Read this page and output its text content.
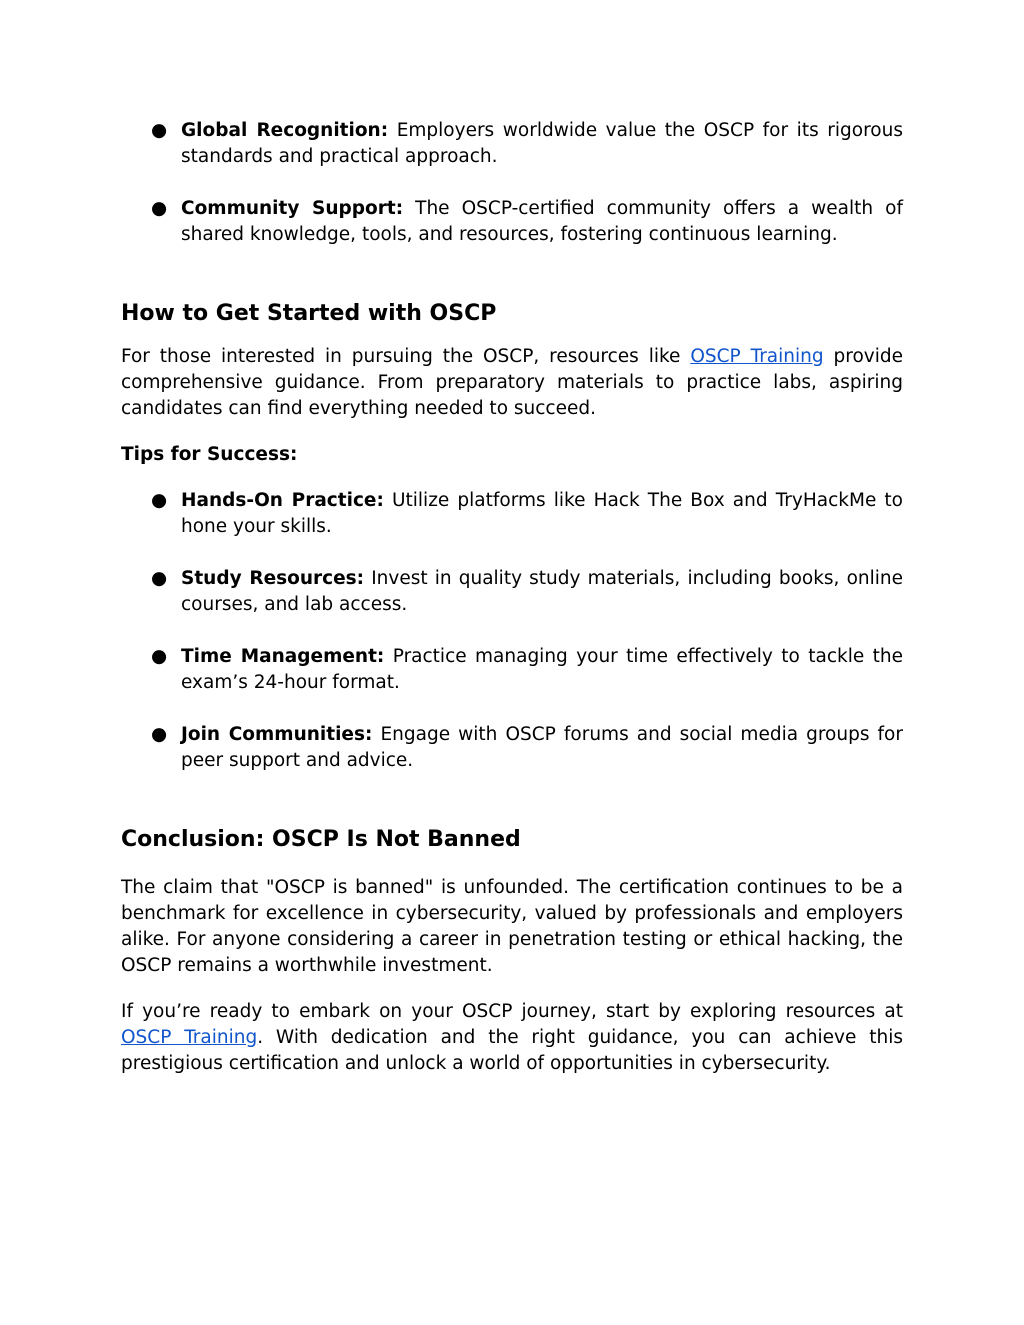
● Global Recognition: Employers worldwide value the OSCP for its rigorous standards and practical approach.
● Community Support: The OSCP-certified community offers a wealth of shared knowledge, tools, and resources, fostering continuous learning.
How to Get Started with OSCP

For those interested in pursuing the OSCP, resources like OSCP Training provide comprehensive guidance. From preparatory materials to practice labs, aspiring candidates can find everything needed to succeed.

Tips for Success:
● Hands-On Practice: Utilize platforms like Hack The Box and TryHackMe to hone your skills.
● Study Resources: Invest in quality study materials, including books, online courses, and lab access.
● Time Management: Practice managing your time effectively to tackle the exam’s 24-hour format.
● Join Communities: Engage with OSCP forums and social media groups for peer support and advice.
Conclusion: OSCP Is Not Banned

The claim that "OSCP is banned" is unfounded. The certification continues to be a benchmark for excellence in cybersecurity, valued by professionals and employers alike. For anyone considering a career in penetration testing or ethical hacking, the OSCP remains a worthwhile investment.

If you’re ready to embark on your OSCP journey, start by exploring resources at OSCP Training. With dedication and the right guidance, you can achieve this prestigious certification and unlock a world of opportunities in cybersecurity.
